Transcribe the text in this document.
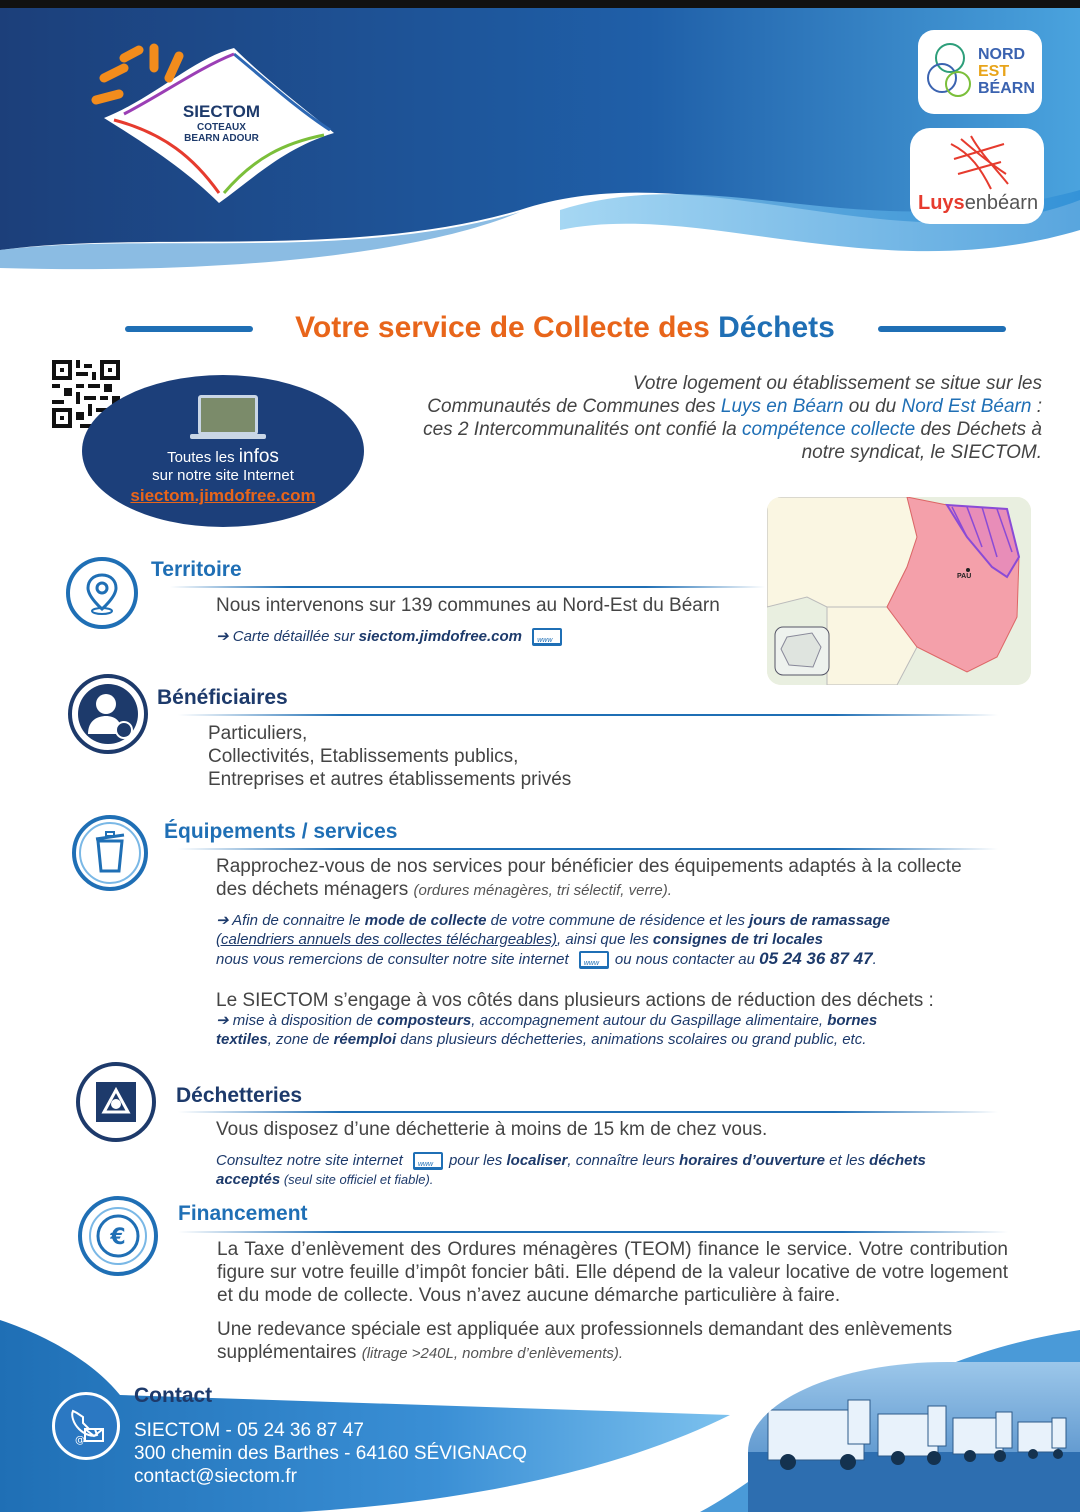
SIECTOM
COTEAUX
BEARN ADOUR
NORD
EST
BÉARN
Luysenbéarn
Votre service de Collecte des Déchets
Toutes les infos
sur notre site Internet
siectom.jimdofree.com
Votre logement ou établissement se situe sur les
Communautés de Communes des Luys en Béarn ou du Nord Est Béarn :
ces 2 Intercommunalités ont confié la compétence collecte des Déchets à
notre syndicat, le SIECTOM.
PAU
Territoire
Nous intervenons sur 139 communes au Nord-Est du Béarn
➔ Carte détaillée sur siectom.jimdofree.com www
Bénéficiaires
Particuliers,
Collectivités, Etablissements publics,
Entreprises et autres établissements privés
Équipements / services
Rapprochez-vous de nos services pour bénéficier des équipements adaptés à la collecte
des déchets ménagers (ordures ménagères, tri sélectif, verre).
➔ Afin de connaitre le mode de collecte de votre commune de résidence et les jours de ramassage
(calendriers annuels des collectes téléchargeables), ainsi que les consignes de tri locales
nous vous remercions de consulter notre site internet www	ou nous contacter au 05 24 36 87 47.
Le SIECTOM s’engage à vos côtés dans plusieurs actions de réduction des déchets :
➔ mise à disposition de composteurs, accompagnement autour du Gaspillage alimentaire, bornes
textiles, zone de réemploi dans plusieurs déchetteries, animations scolaires ou grand public, etc.
Déchetteries
Vous disposez d’une déchetterie à moins de 15 km de chez vous.
Consultez notre site internet www	pour les localiser, connaître leurs horaires d’ouverture et les déchets
acceptés (seul site officiel et fiable).
€
Financement
La Taxe d’enlèvement des Ordures ménagères (TEOM) finance le service. Votre contribution figure sur votre feuille d’impôt foncier bâti. Elle dépend de la valeur locative de votre logement et du mode de collecte. Vous n’avez aucune démarche particulière à faire.
Une redevance spéciale est appliquée aux professionnels demandant des enlèvements supplémentaires (litrage >240L, nombre d’enlèvements).
@
Contact
SIECTOM - 05 24 36 87 47
300 chemin des Barthes - 64160 SÉVIGNACQ
contact@siectom.fr
